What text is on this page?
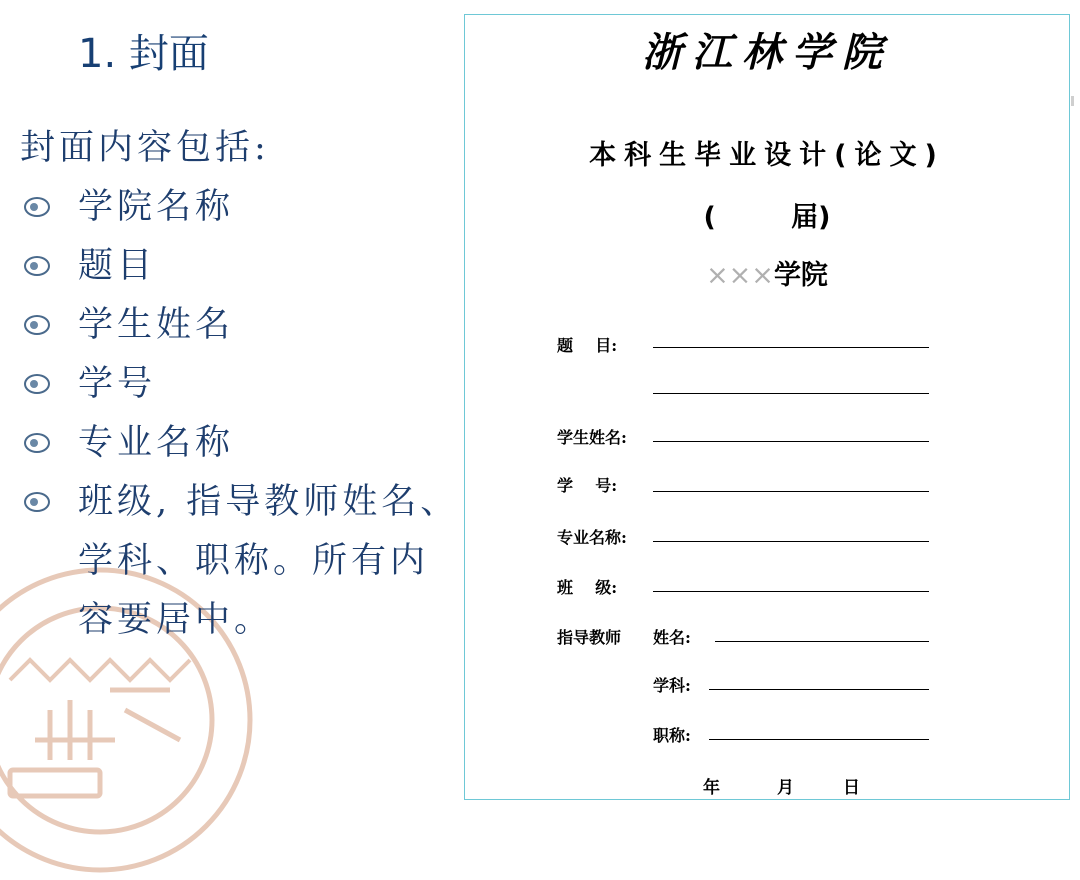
1. 封面
封面内容包括:
学院名称
题目
学生姓名
学号
专业名称
班级, 指导教师姓名、学科、职称。所有内容要居中。
浙江林学院
本科生毕业设计(论文)
(        届)
×××学院
题    目:
学生姓名:
学    号:
专业名称:
班    级:
指导教师 姓名:
学科:
职称:
年	月	日
